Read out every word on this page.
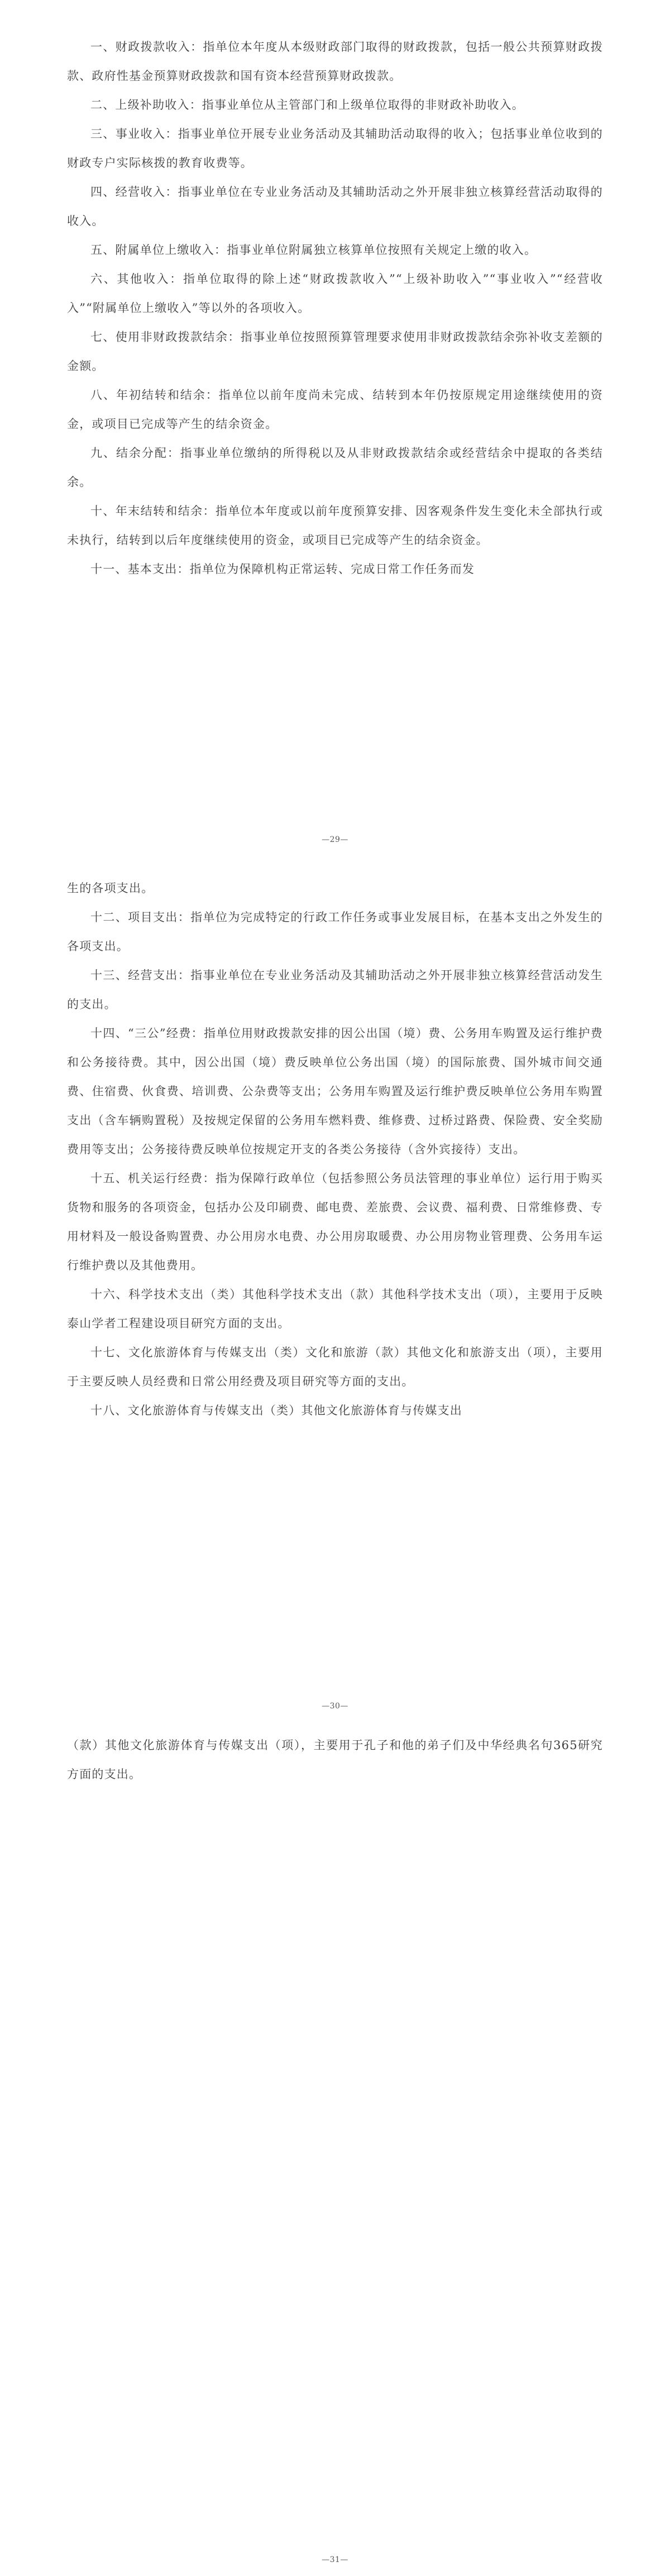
一、财政拨款收入：指单位本年度从本级财政部门取得的财政拨款，包括一般公共预算财政拨款、政府性基金预算财政拨款和国有资本经营预算财政拨款。

二、上级补助收入：指事业单位从主管部门和上级单位取得的非财政补助收入。

三、事业收入：指事业单位开展专业业务活动及其辅助活动取得的收入；包括事业单位收到的财政专户实际核拨的教育收费等。

四、经营收入：指事业单位在专业业务活动及其辅助活动之外开展非独立核算经营活动取得的收入。

五、附属单位上缴收入：指事业单位附属独立核算单位按照有关规定上缴的收入。

六、其他收入：指单位取得的除上述“财政拨款收入”“上级补助收入”“事业收入”“经营收入”“附属单位上缴收入”等以外的各项收入。

七、使用非财政拨款结余：指事业单位按照预算管理要求使用非财政拨款结余弥补收支差额的金额。

八、年初结转和结余：指单位以前年度尚未完成、结转到本年仍按原规定用途继续使用的资金，或项目已完成等产生的结余资金。

九、结余分配：指事业单位缴纳的所得税以及从非财政拨款结余或经营结余中提取的各类结余。

十、年末结转和结余：指单位本年度或以前年度预算安排、因客观条件发生变化未全部执行或未执行，结转到以后年度继续使用的资金，或项目已完成等产生的结余资金。

十一、基本支出：指单位为保障机构正常运转、完成日常工作任务而发

—29—

生的各项支出。

十二、项目支出：指单位为完成特定的行政工作任务或事业发展目标，在基本支出之外发生的各项支出。

十三、经营支出：指事业单位在专业业务活动及其辅助活动之外开展非独立核算经营活动发生的支出。

十四、“三公”经费：指单位用财政拨款安排的因公出国（境）费、公务用车购置及运行维护费和公务接待费。其中，因公出国（境）费反映单位公务出国（境）的国际旅费、国外城市间交通费、住宿费、伙食费、培训费、公杂费等支出；公务用车购置及运行维护费反映单位公务用车购置支出（含车辆购置税）及按规定保留的公务用车燃料费、维修费、过桥过路费、保险费、安全奖励费用等支出；公务接待费反映单位按规定开支的各类公务接待（含外宾接待）支出。

十五、机关运行经费：指为保障行政单位（包括参照公务员法管理的事业单位）运行用于购买货物和服务的各项资金，包括办公及印刷费、邮电费、差旅费、会议费、福利费、日常维修费、专用材料及一般设备购置费、办公用房水电费、办公用房取暖费、办公用房物业管理费、公务用车运行维护费以及其他费用。

十六、科学技术支出（类）其他科学技术支出（款）其他科学技术支出（项），主要用于反映泰山学者工程建设项目研究方面的支出。

十七、文化旅游体育与传媒支出（类）文化和旅游（款）其他文化和旅游支出（项），主要用于主要反映人员经费和日常公用经费及项目研究等方面的支出。

十八、文化旅游体育与传媒支出（类）其他文化旅游体育与传媒支出

—30—

（款）其他文化旅游体育与传媒支出（项），主要用于孔子和他的弟子们及中华经典名句365研究方面的支出。

—31—
